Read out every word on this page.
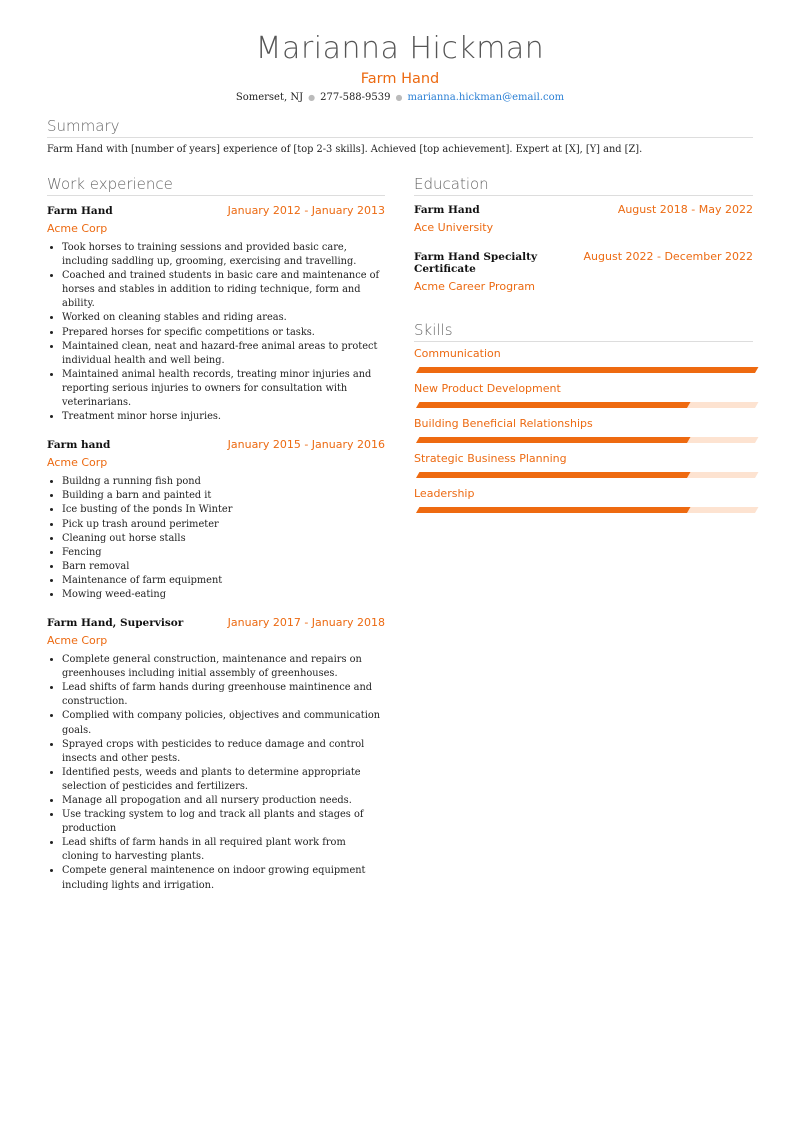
Marianna Hickman
Farm Hand
Somerset, NJ ● 277-588-9539 ● marianna.hickman@email.com
Summary
Farm Hand with [number of years] experience of [top 2-3 skills]. Achieved [top achievement]. Expert at [X], [Y] and [Z].
Work experience
Farm Hand	January 2012 - January 2013
Acme Corp
• Took horses to training sessions and provided basic care, including saddling up, grooming, exercising and travelling.
• Coached and trained students in basic care and maintenance of horses and stables in addition to riding technique, form and ability.
• Worked on cleaning stables and riding areas.
• Prepared horses for specific competitions or tasks.
• Maintained clean, neat and hazard-free animal areas to protect individual health and well being.
• Maintained animal health records, treating minor injuries and reporting serious injuries to owners for consultation with veterinarians.
• Treatment minor horse injuries.
Farm hand	January 2015 - January 2016
Acme Corp
• Buildng a running fish pond
• Building a barn and painted it
• Ice busting of the ponds In Winter
• Pick up trash around perimeter
• Cleaning out horse stalls
• Fencing
• Barn removal
• Maintenance of farm equipment
• Mowing weed-eating
Farm Hand, Supervisor	January 2017 - January 2018
Acme Corp
• Complete general construction, maintenance and repairs on greenhouses including initial assembly of greenhouses.
• Lead shifts of farm hands during greenhouse maintinence and construction.
• Complied with company policies, objectives and communication goals.
• Sprayed crops with pesticides to reduce damage and control insects and other pests.
• Identified pests, weeds and plants to determine appropriate selection of pesticides and fertilizers.
• Manage all propogation and all nursery production needs.
• Use tracking system to log and track all plants and stages of production
• Lead shifts of farm hands in all required plant work from cloning to harvesting plants.
• Compete general maintenence on indoor growing equipment including lights and irrigation.
Education
Farm Hand	August 2018 - May 2022
Ace University
Farm Hand Specialty Certificate
August 2022 - December 2022
Acme Career Program
Skills
Communication
New Product Development
Building Beneficial Relationships
Strategic Business Planning
Leadership
